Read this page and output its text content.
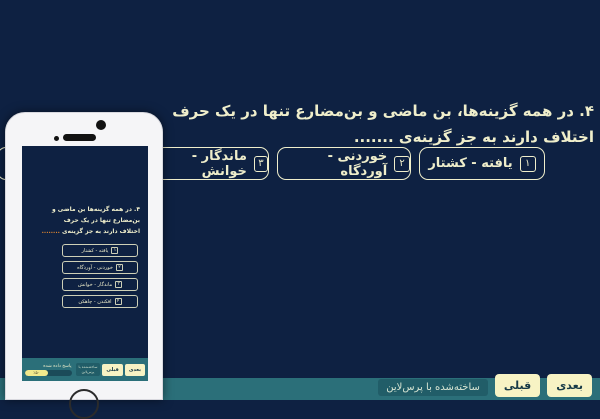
۴. در همه گزینه‌ها، بن ماضی و بن‌مضارع تنها در یک حرف اختلاف دارند به جز گزینه‌ی .......
۱
یافته - کشتار
۲
خوردنی - آوردگاه
۳
ماندگار - خوانش
بعدی
قبلی
ساخته‌شده با پرس‌لاین
۴. در همه گزینه‌ها بن ماضی و بن‌مضارع تنها در یک حرف
اختلاف دارند به جز گزینه‌ی ........
۱
یافته - کشتار
۲
خوردنی - آوردگاه
۳
ماندگار - خوانش
۴
افکندن - چاهکن
بعدی
قبلی
ساخته‌شده با
پرس‌لاین
پاسخ داده شده
٪۵۰
